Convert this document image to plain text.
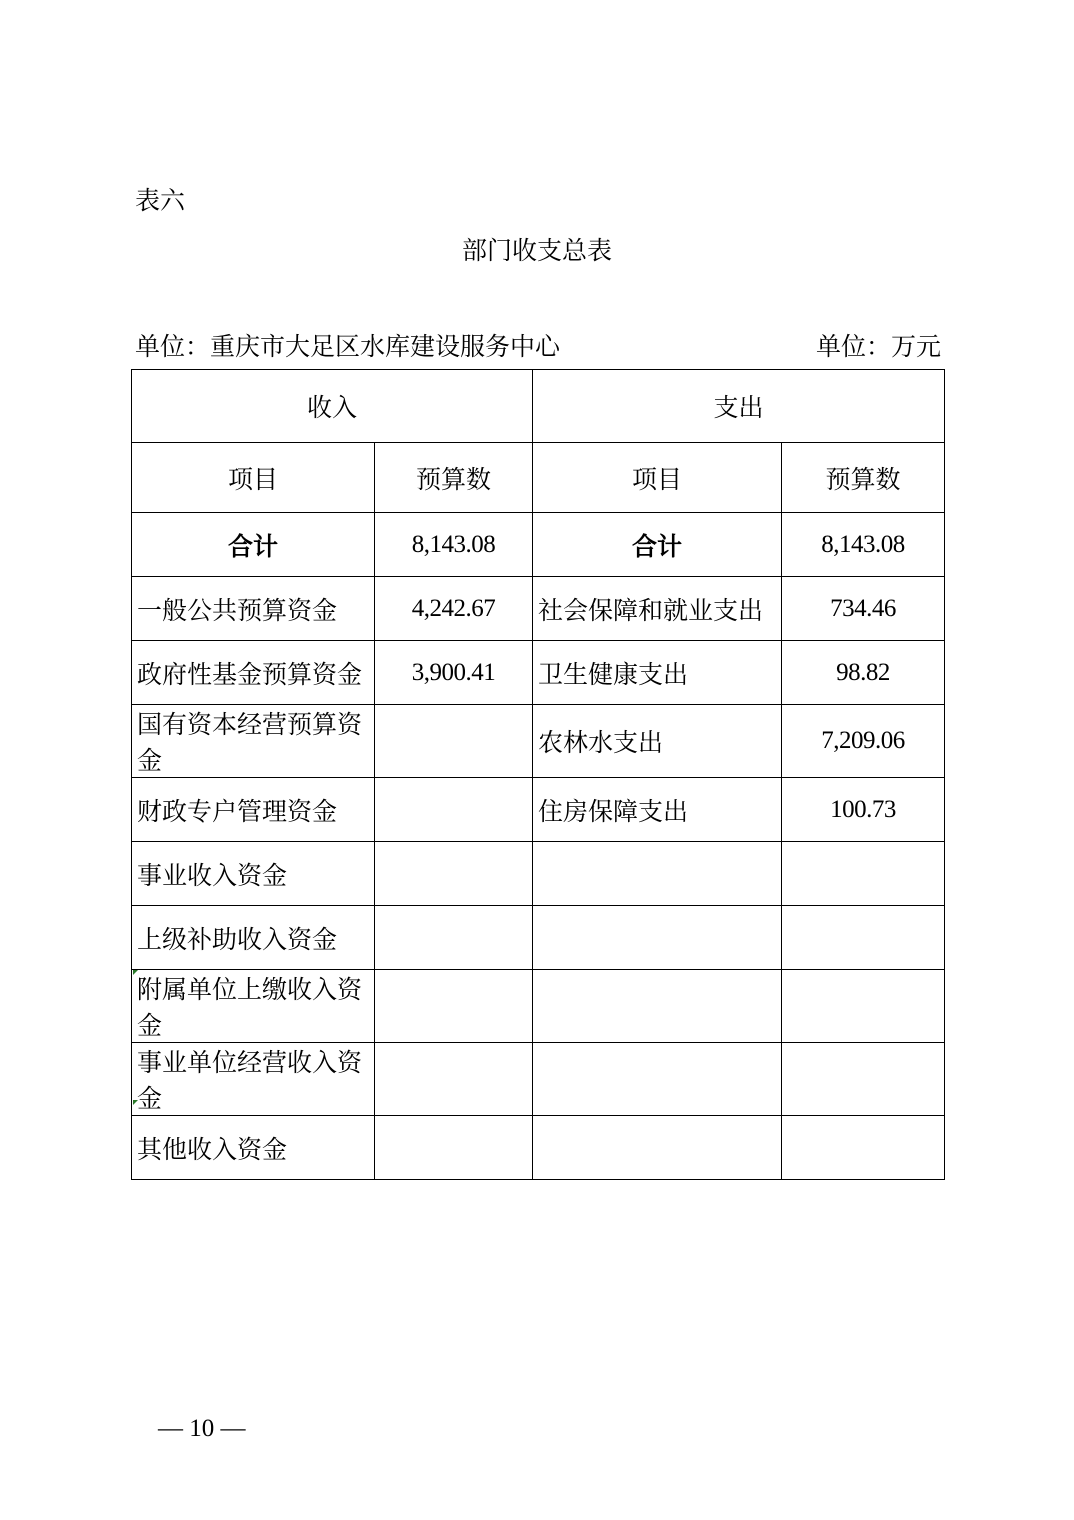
表六
部门收支总表
单位：重庆市大足区水库建设服务中心	单位：万元
收入		支出	
项目	预算数	项目	预算数
合计	8,143.08	合计	8,143.08
一般公共预算资金	4,242.67	社会保障和就业支出	734.46
政府性基金预算资金	3,900.41	卫生健康支出	98.82
国有资本经营预算资金		农林水支出	7,209.06
财政专户管理资金		住房保障支出	100.73
事业收入资金			
上级补助收入资金			
附属单位上缴收入资金			
事业单位经营收入资金			
其他收入资金			
— 10 —
